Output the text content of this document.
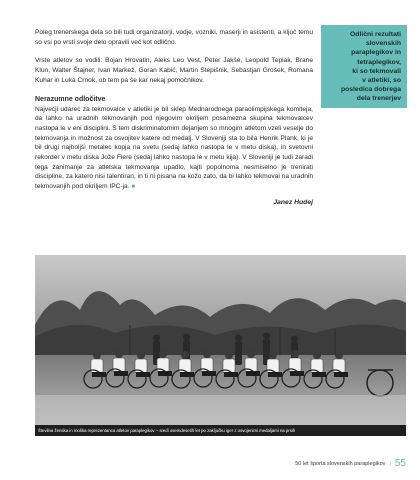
Poleg trenerskega dela so bili tudi organizatorji, vodje, vozniki, maserji in asistenti, a ključ temu so vsi po vrsti svoje delo opravili več kot odlično.

Vrste atletov so vodili: Bojan Hrovatin, Aleks Leo Vest, Peter Jakše, Leopold Teplak, Brane Klun, Walter Štajner, Ivan Markež, Goran Kabić, Martin Stepišnik, Sebastjan Grošek, Romana Kuhar in Luka Crnok, ob tem pa še kar nekaj pomočnikov.

Nerazumne odločitve

Največji udarec za tekmovalce v atletiki je bil sklep Mednarodnega paraolimpijskega komiteja, da lahko na uradnih tekmovanjih pod njegovim okriljem posamezna skupina tekmovalcev nastopa le v eni disciplini. S tem diskriminatornim dejanjem so mnogim atletom vzeli veselje do tekmovanja in možnost za osvojitev katere od medalj. V Sloveniji sta to bila Henrik Plank, ki je bil drugi najboljši metalec kopja na svetu (sedaj lahko nastopa le v metu diska), in svetovni rekorder v metu diska Jože Flere (sedaj lahko nastopa le v metu kija). V Sloveniji je tudi zaradi tega zanimanje za atletska tekmovanja upadlo, kajti popolnoma nesmiselno je trenirati discipline, za katero nisi talentiran, in ti ni pisana na kožo zato, da bi lahko tekmoval na uradnih tekmovanjih pod okriljem IPC-ja. ■

Janez Hudej
Odlični rezultati
slovenskih
paraplegikov in
tetraplegikov,
ki so tekmovali
v atletiki, so
posledica dobrega
dela trenerjev
Številna ženska in moška reprezentanca atletov paraplegikov – sredi osemdesetih let po zaključku iger z osvojenimi medaljami na prsih
50 let športa slovenskih paraplegikov | 55
